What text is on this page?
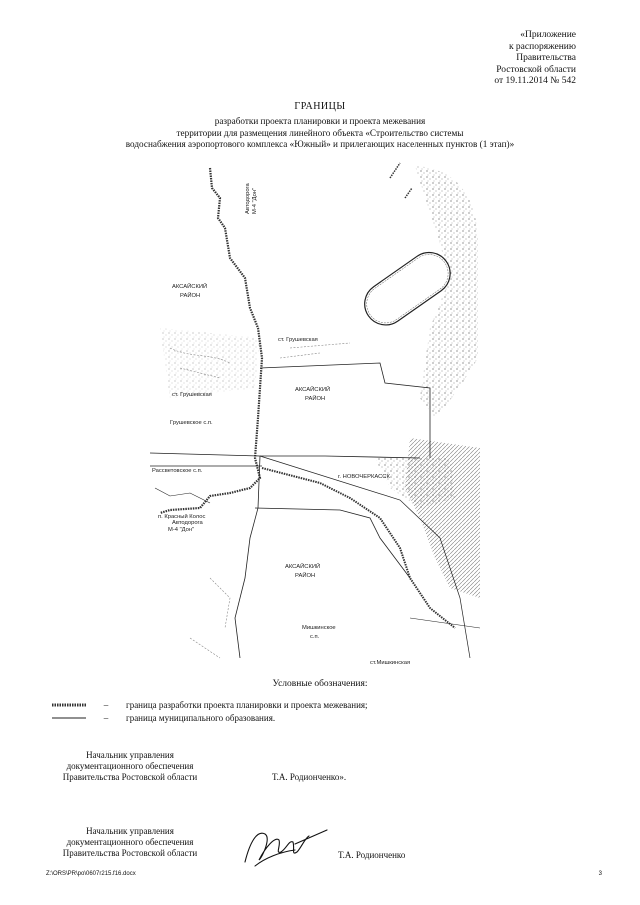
«Приложение
к распоряжению
Правительства
Ростовской области
от 19.11.2014 № 542
ГРАНИЦЫ
разработки проекта планировки и проекта межевания
территории для размещения линейного объекта «Строительство системы
водоснабжения аэропортового комплекса «Южный» и прилегающих населенных пунктов (1 этап)»
Автодорога М-4 "Дон"
АКСАЙСКИЙ
РАЙОН
ст. Грушевская
АКСАЙСКИЙ
РАЙОН
ст. Грушевская
Грушевское с.п.
Рассветовское с.п.
г. НОВОЧЕРКАССК
п. Красный Колос
Автодорога
М-4 "Дон"
АКСАЙСКИЙ
РАЙОН
Мишкинское
с.п.
ст.Мишкинская
Условные обозначения:
–	граница разработки проекта планировки и проекта межевания;
–	граница муниципального образования.
Начальник управления
документационного обеспечения
Правительства Ростовской области	Т.А. Родионченко».
Начальник управления
документационного обеспечения
Правительства Ростовской области	Т.А. Родионченко
Z:\ORS\PR\po\0607r215.f16.docx	3
